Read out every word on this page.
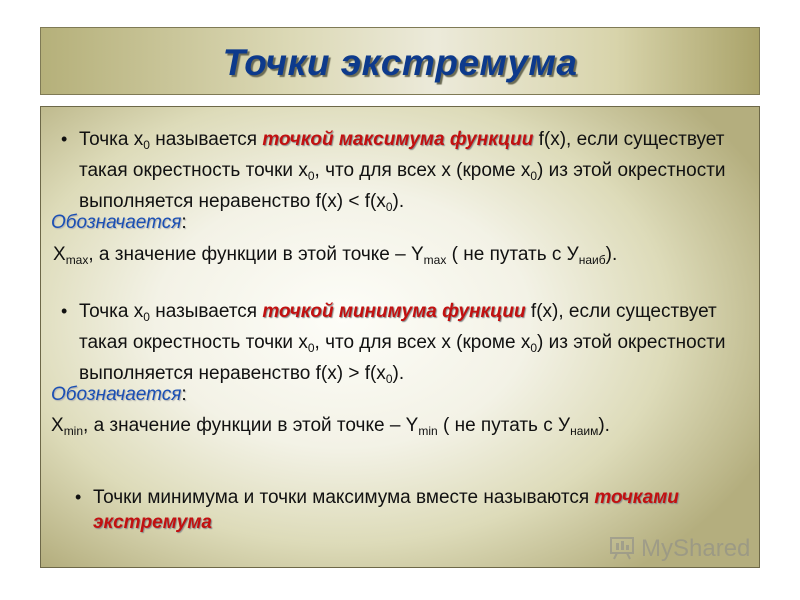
Точки экстремума
• Точка $х_0$ называется точкой максимума функции f(x), если существует такая окрестность точки $х_0$, что для всех х (кроме $х_0$) из этой окрестности выполняется неравенство $f(x) < f(x_0)$.
Обозначается:
$Х_{max}$, а значение функции в этой точке – $Y_{max}$ ( не путать с $У_{наиб}$).
• Точка $х_0$ называется точкой минимума функции f(x), если существует такая окрестность точки $х_0$, что для всех х (кроме $х_0$) из этой окрестности выполняется неравенство $f(x) > f(x_0)$.
Обозначается:
$Х_{min}$, а значение функции в этой точке – $Y_{min}$ ( не путать с $У_{наим}$).
• Точки минимума и точки максимума вместе называются точками экстремума
MyShared
